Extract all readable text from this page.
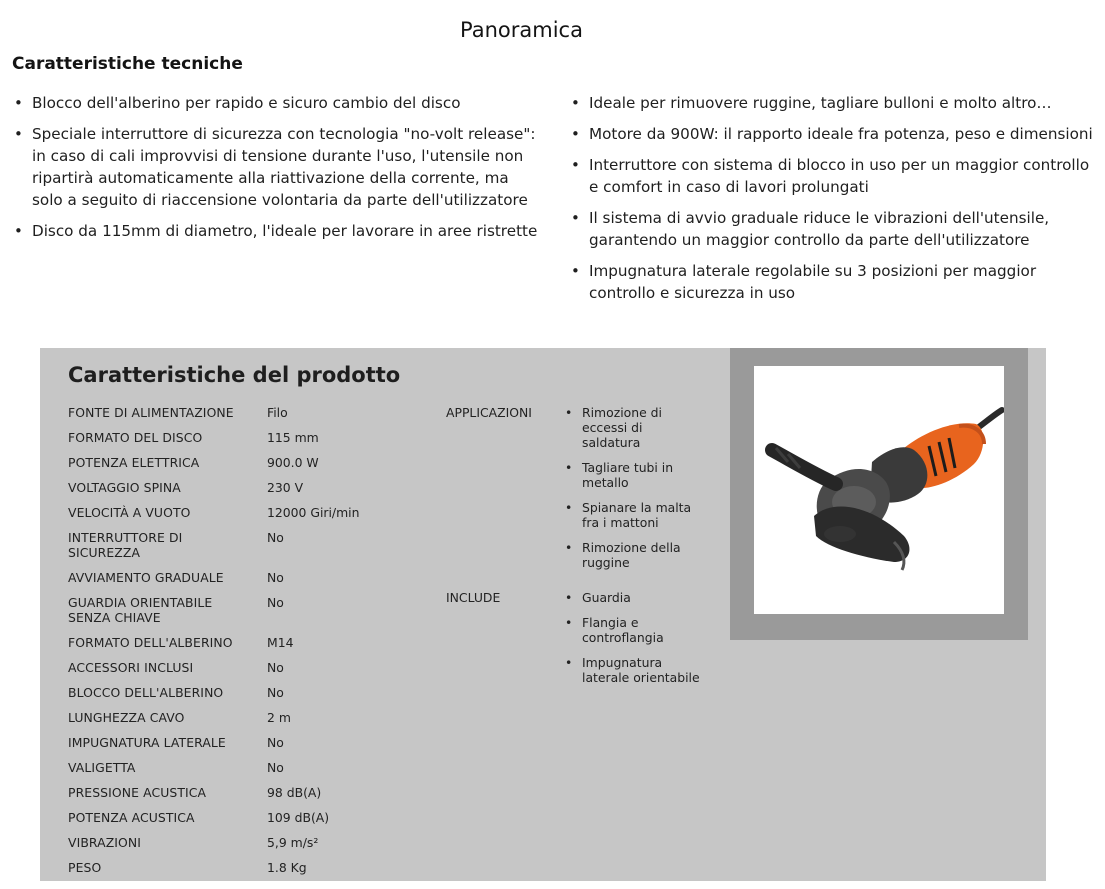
Panoramica
Caratteristiche tecniche
• Blocco dell'alberino per rapido e sicuro cambio del disco
• Speciale interruttore di sicurezza con tecnologia "no-volt release": in caso di cali improvvisi di tensione durante l'uso, l'utensile non ripartirà automaticamente alla riattivazione della corrente, ma solo a seguito di riaccensione volontaria da parte dell'utilizzatore
• Disco da 115mm di diametro, l'ideale per lavorare in aree ristrette
• Ideale per rimuovere ruggine, tagliare bulloni e molto altro…
• Motore da 900W: il rapporto ideale fra potenza, peso e dimensioni
• Interruttore con sistema di blocco in uso per un maggior controllo e comfort in caso di lavori prolungati
• Il sistema di avvio graduale riduce le vibrazioni dell'utensile, garantendo un maggior controllo da parte dell'utilizzatore
• Impugnatura laterale regolabile su 3 posizioni per maggior controllo e sicurezza in uso
Caratteristiche del prodotto
FONTE DI ALIMENTAZIONE	Filo
FORMATO DEL DISCO	115 mm
POTENZA ELETTRICA	900.0 W
VOLTAGGIO SPINA	230 V
VELOCITÀ A VUOTO	12000 Giri/min
INTERRUTTORE DI SICUREZZA
No
AVVIAMENTO GRADUALE	No
GUARDIA ORIENTABILE SENZA CHIAVE
No
FORMATO DELL'ALBERINO	M14
ACCESSORI INCLUSI	No
BLOCCO DELL'ALBERINO	No
LUNGHEZZA CAVO	2 m
IMPUGNATURA LATERALE	No
VALIGETTA	No
PRESSIONE ACUSTICA	98 dB(A)
POTENZA ACUSTICA	109 dB(A)
VIBRAZIONI	5,9 m/s²
PESO	1.8 Kg
APPLICAZIONI	• Rimozione di eccessi di saldatura
• Tagliare tubi in metallo
• Spianare la malta fra i mattoni
• Rimozione della ruggine
INCLUDE	• Guardia
• Flangia e controflangia
• Impugnatura laterale orientabile
